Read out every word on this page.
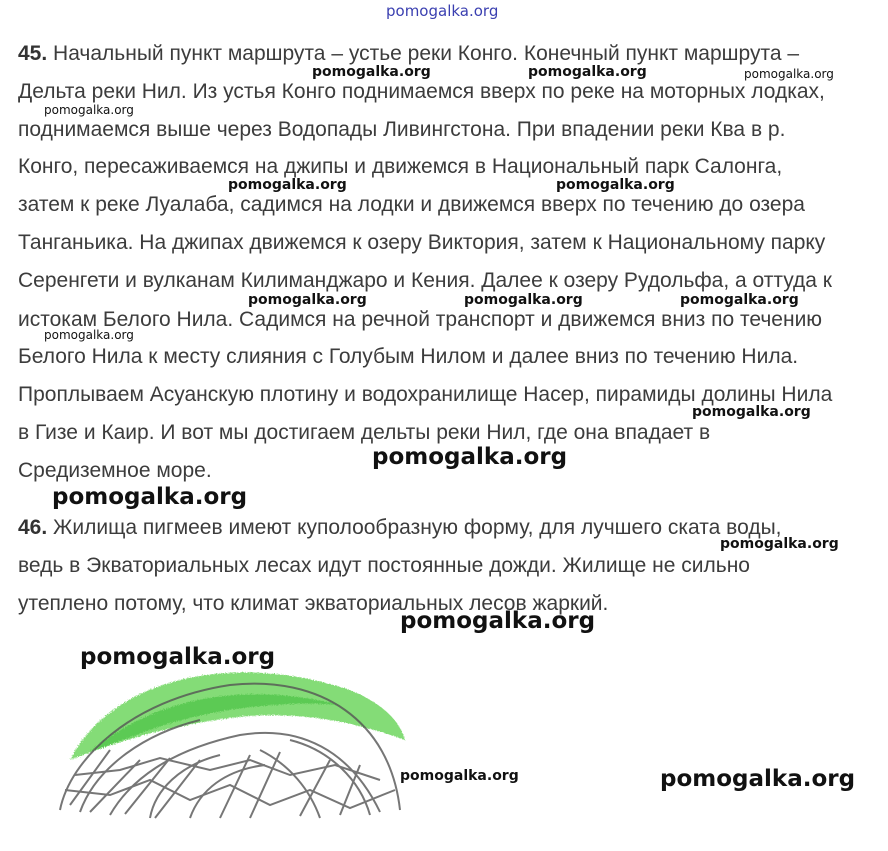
pomogalka.org
45. Начальный пункт маршрута – устье реки Конго. Конечный пункт маршрута –
Дельта реки Нил. Из устья Конго поднимаемся вверх по реке на моторных лодках,
поднимаемся выше через Водопады Ливингстона. При впадении реки Ква в р.
Конго, пересаживаемся на джипы и движемся в Национальный парк Салонга,
затем к реке Луалаба, садимся на лодки и движемся вверх по течению до озера
Танганьика. На джипах движемся к озеру Виктория, затем к Национальному парку
Серенгети и вулканам Килиманджаро и Кения. Далее к озеру Рудольфа, а оттуда к
истокам Белого Нила. Садимся на речной транспорт и движемся вниз по течению
Белого Нила к месту слияния с Голубым Нилом и далее вниз по течению Нила.
Проплываем Асуанскую плотину и водохранилище Насер, пирамиды долины Нила
в Гизе и Каир. И вот мы достигаем дельты реки Нил, где она впадает в
Средиземное море.
46. Жилища пигмеев имеют куполообразную форму, для лучшего ската воды,
ведь в Экваториальных лесах идут постоянные дожди. Жилище не сильно
утеплено потому, что климат экваториальных лесов жаркий.
pomogalka.org	pomogalka.org	pomogalka.org
pomogalka.org
pomogalka.org	pomogalka.org
pomogalka.org	pomogalka.org	pomogalka.org
pomogalka.org
pomogalka.org
pomogalka.org
pomogalka.org
pomogalka.org
pomogalka.org
pomogalka.org
pomogalka.org	pomogalka.org
